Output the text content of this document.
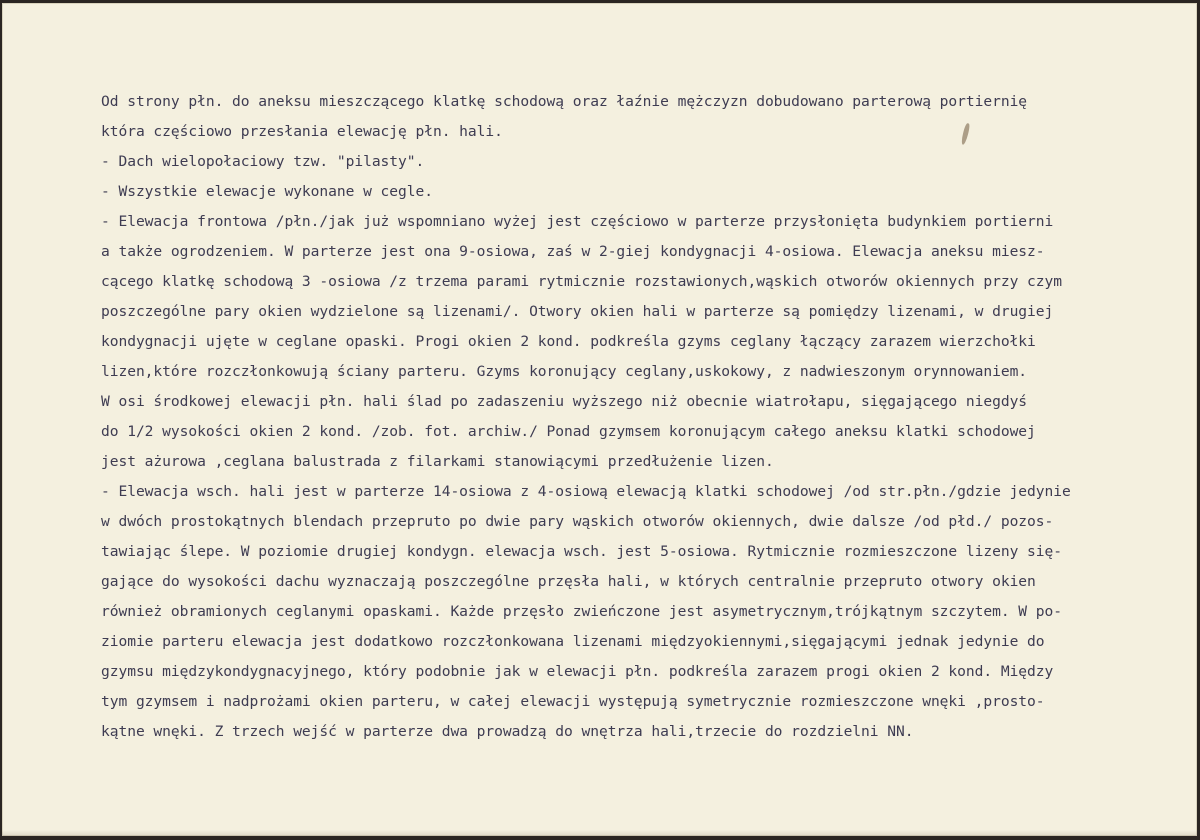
Od strony płn. do aneksu mieszczącego klatkę schodową oraz łaźnie mężczyzn dobudowano parterową portiernię
która częściowo przesłania elewację płn. hali.
- Dach wielopołaciowy tzw. "pilasty".
- Wszystkie elewacje wykonane w cegle.
- Elewacja frontowa /płn./jak już wspomniano wyżej jest częściowo w parterze przysłonięta budynkiem portierni
a także ogrodzeniem. W parterze jest ona 9-osiowa, zaś w 2-giej kondygnacji 4-osiowa. Elewacja aneksu miesz-
cącego klatkę schodową 3 -osiowa /z trzema parami rytmicznie rozstawionych,wąskich otworów okiennych przy czym
poszczególne pary okien wydzielone są lizenami/. Otwory okien hali w parterze są pomiędzy lizenami, w drugiej
kondygnacji ujęte w ceglane opaski. Progi okien 2 kond. podkreśla gzyms ceglany łączący zarazem wierzchołki
lizen,które rozczłonkowują ściany parteru. Gzyms koronujący ceglany,uskokowy, z nadwieszonym orynnowaniem.
W osi środkowej elewacji płn. hali ślad po zadaszeniu wyższego niż obecnie wiatrołapu, sięgającego niegdyś
do 1/2 wysokości okien 2 kond. /zob. fot. archiw./ Ponad gzymsem koronującym całego aneksu klatki schodowej
jest ażurowa ,ceglana balustrada z filarkami stanowiącymi przedłużenie lizen.
- Elewacja wsch. hali jest w parterze 14-osiowa z 4-osiową elewacją klatki schodowej /od str.płn./gdzie jedynie
w dwóch prostokątnych blendach przepruto po dwie pary wąskich otworów okiennych, dwie dalsze /od płd./ pozos-
tawiając ślepe. W poziomie drugiej kondygn. elewacja wsch. jest 5-osiowa. Rytmicznie rozmieszczone lizeny się-
gające do wysokości dachu wyznaczają poszczególne przęsła hali, w których centralnie przepruto otwory okien
również obramionych ceglanymi opaskami. Każde przęsło zwieńczone jest asymetrycznym,trójkątnym szczytem. W po-
ziomie parteru elewacja jest dodatkowo rozczłonkowana lizenami międzyokiennymi,sięgającymi jednak jedynie do
gzymsu międzykondygnacyjnego, który podobnie jak w elewacji płn. podkreśla zarazem progi okien 2 kond. Między
tym gzymsem i nadprożami okien parteru, w całej elewacji występują symetrycznie rozmieszczone wnęki ,prosto-
kątne wnęki. Z trzech wejść w parterze dwa prowadzą do wnętrza hali,trzecie do rozdzielni NN.
